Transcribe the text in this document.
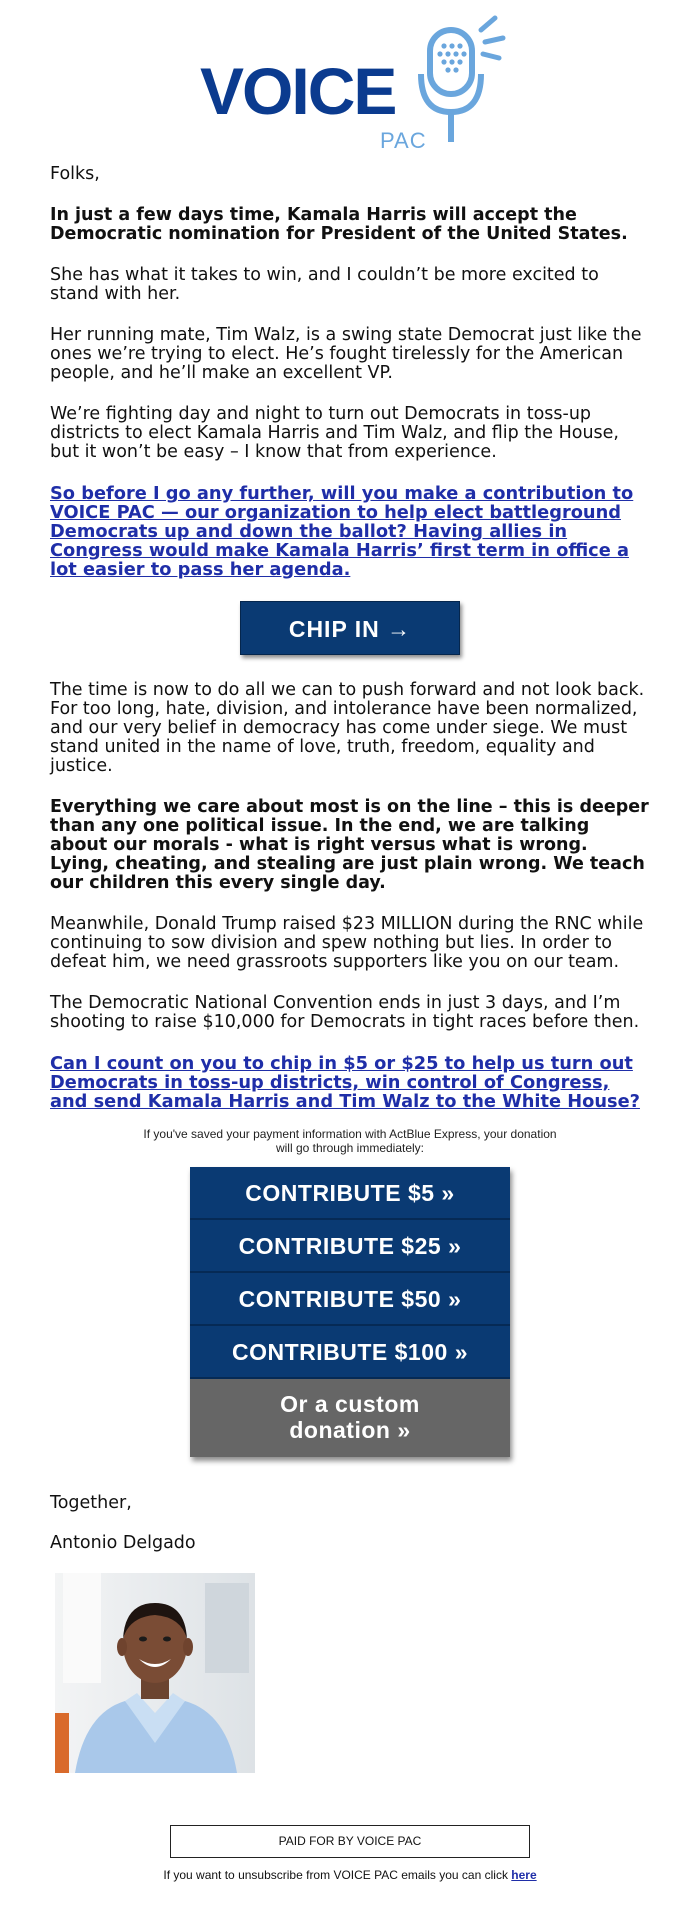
VOICE
PAC

Folks,

In just a few days time, Kamala Harris will accept the Democratic nomination for President of the United States.

She has what it takes to win, and I couldn’t be more excited to stand with her.

Her running mate, Tim Walz, is a swing state Democrat just like the ones we’re trying to elect. He’s fought tirelessly for the American people, and he’ll make an excellent VP.

We’re fighting day and night to turn out Democrats in toss-up districts to elect Kamala Harris and Tim Walz, and flip the House, but it won’t be easy – I know that from experience.

So before I go any further, will you make a contribution to VOICE PAC — our organization to help elect battleground Democrats up and down the ballot? Having allies in Congress would make Kamala Harris’ first term in office a lot easier to pass her agenda.

CHIP IN →

The time is now to do all we can to push forward and not look back. For too long, hate, division, and intolerance have been normalized, and our very belief in democracy has come under siege. We must stand united in the name of love, truth, freedom, equality and justice.

Everything we care about most is on the line – this is deeper than any one political issue. In the end, we are talking about our morals - what is right versus what is wrong. Lying, cheating, and stealing are just plain wrong. We teach our children this every single day.

Meanwhile, Donald Trump raised $23 MILLION during the RNC while continuing to sow division and spew nothing but lies. In order to defeat him, we need grassroots supporters like you on our team.

The Democratic National Convention ends in just 3 days, and I’m shooting to raise $10,000 for Democrats in tight races before then.

Can I count on you to chip in $5 or $25 to help us turn out Democrats in toss-up districts, win control of Congress, and send Kamala Harris and Tim Walz to the White House?

If you've saved your payment information with ActBlue Express, your donation
will go through immediately:
CONTRIBUTE $5 »
CONTRIBUTE $25 »
CONTRIBUTE $50 »
CONTRIBUTE $100 »
Or a custom
donation »

Together,

Antonio Delgado

PAID FOR BY VOICE PAC
If you want to unsubscribe from VOICE PAC emails you can click here
